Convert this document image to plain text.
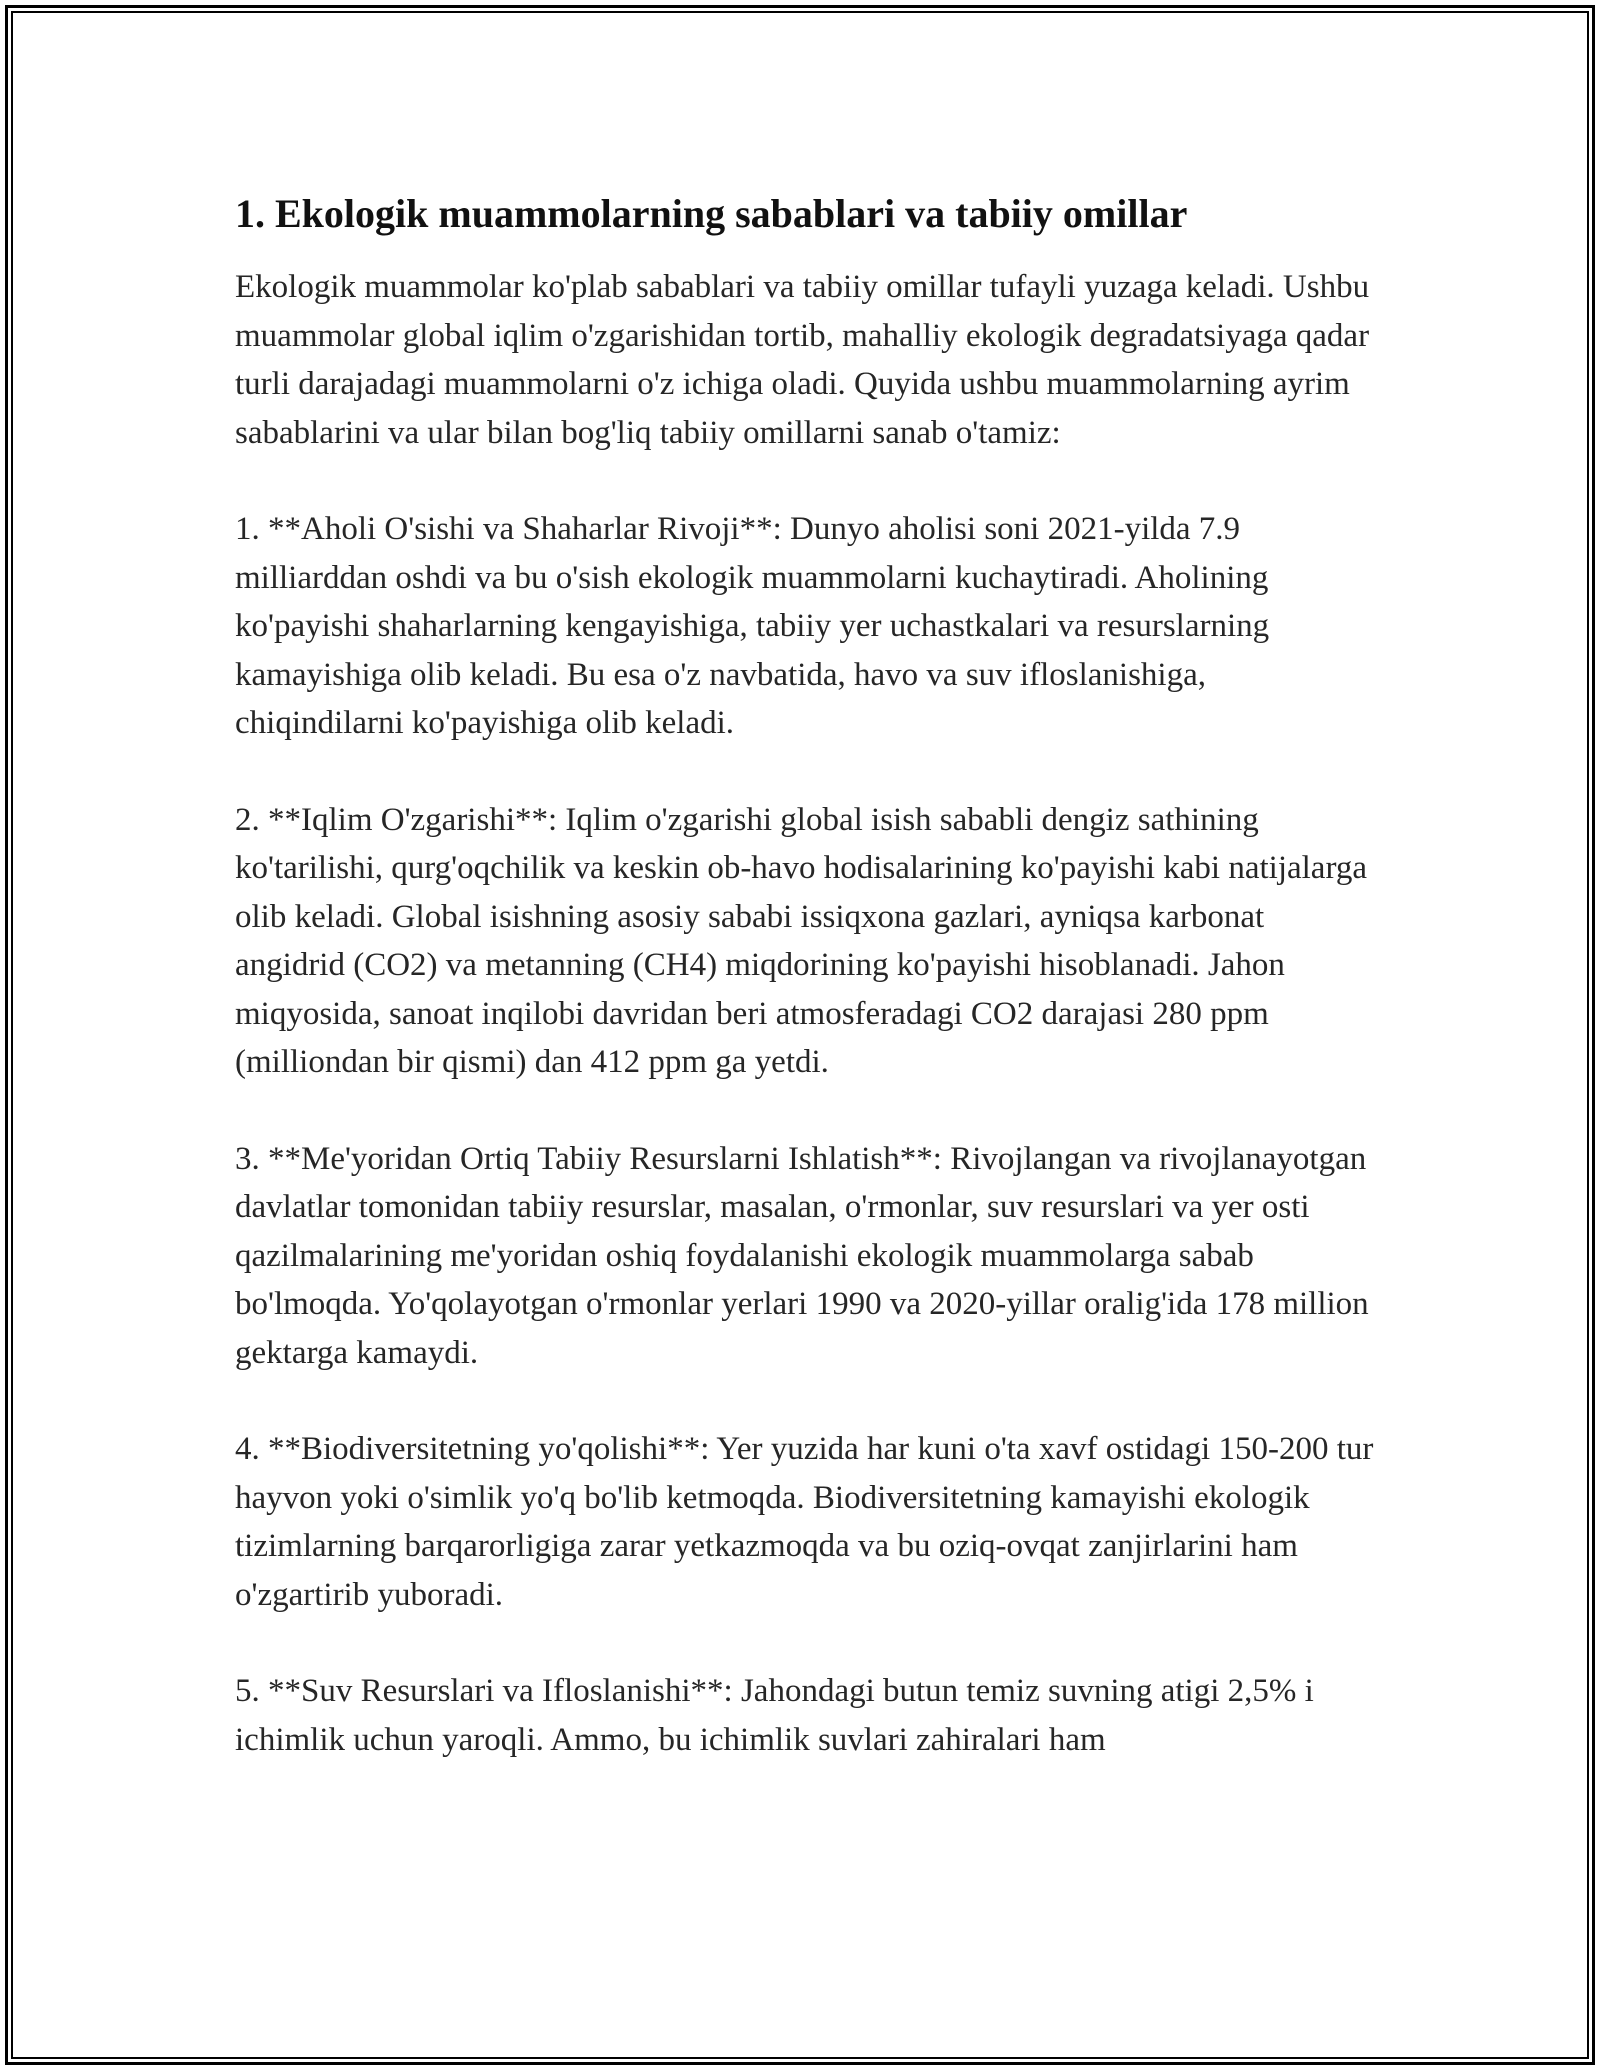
1. Ekologik muammolarning sabablari va tabiiy omillar

Ekologik muammolar ko'plab sabablari va tabiiy omillar tufayli yuzaga keladi. Ushbu muammolar global iqlim o'zgarishidan tortib, mahalliy ekologik degradatsiyaga qadar turli darajadagi muammolarni o'z ichiga oladi. Quyida ushbu muammolarning ayrim sabablarini va ular bilan bog'liq tabiiy omillarni sanab o'tamiz:

1. **Aholi O'sishi va Shaharlar Rivoji**: Dunyo aholisi soni 2021-yilda 7.9 milliarddan oshdi va bu o'sish ekologik muammolarni kuchaytiradi. Aholining ko'payishi shaharlarning kengayishiga, tabiiy yer uchastkalari va resurslarning kamayishiga olib keladi. Bu esa o'z navbatida, havo va suv ifloslanishiga, chiqindilarni ko'payishiga olib keladi.

2. **Iqlim O'zgarishi**: Iqlim o'zgarishi global isish sababli dengiz sathining ko'tarilishi, qurg'oqchilik va keskin ob-havo hodisalarining ko'payishi kabi natijalarga olib keladi. Global isishning asosiy sababi issiqxona gazlari, ayniqsa karbonat angidrid (CO2) va metanning (CH4) miqdorining ko'payishi hisoblanadi. Jahon miqyosida, sanoat inqilobi davridan beri atmosferadagi CO2 darajasi 280 ppm (milliondan bir qismi) dan 412 ppm ga yetdi.

3. **Me'yoridan Ortiq Tabiiy Resurslarni Ishlatish**: Rivojlangan va rivojlanayotgan davlatlar tomonidan tabiiy resurslar, masalan, o'rmonlar, suv resurslari va yer osti qazilmalarining me'yoridan oshiq foydalanishi ekologik muammolarga sabab bo'lmoqda. Yo'qolayotgan o'rmonlar yerlari 1990 va 2020-yillar oralig'ida 178 million gektarga kamaydi.

4. **Biodiversitetning yo'qolishi**: Yer yuzida har kuni o'ta xavf ostidagi 150-200 tur hayvon yoki o'simlik yo'q bo'lib ketmoqda. Biodiversitetning kamayishi ekologik tizimlarning barqarorligiga zarar yetkazmoqda va bu oziq-ovqat zanjirlarini ham o'zgartirib yuboradi.

5. **Suv Resurslari va Ifloslanishi**: Jahondagi butun temiz suvning atigi 2,5% i ichimlik uchun yaroqli. Ammo, bu ichimlik suvlari zahiralari ham
